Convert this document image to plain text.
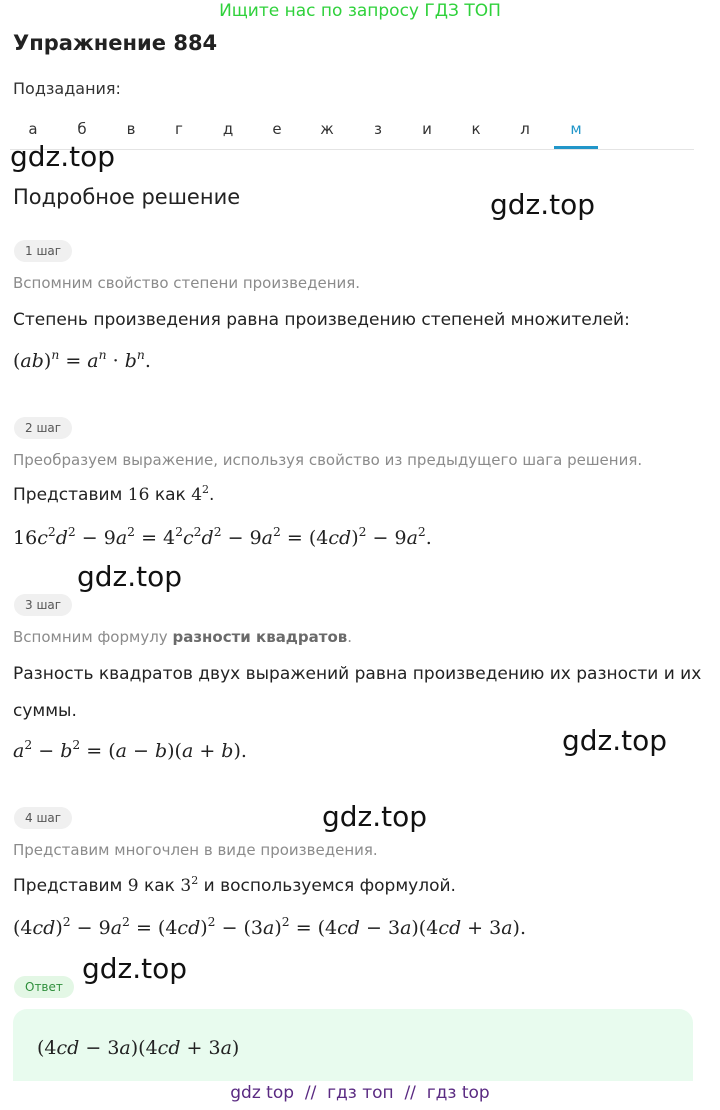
Ищите нас по запросу ГДЗ ТОП
Упражнение 884
Подзадания:
а	б	в	г	д	е	ж	з	и	к	л	м
gdz.top
gdz.top
gdz.top
gdz.top
gdz.top
gdz.top
Подробное решение
1 шаг
Вспомним свойство степени произведения.
Степень произведения равна произведению степеней множителей:
$(ab)^n = a^n \cdot b^n$.
2 шаг
Преобразуем выражение, используя свойство из предыдущего шага решения.
Представим 16 как $4^2$.
$16c^2d^2 - 9a^2 = 4^2c^2d^2 - 9a^2 = (4cd)^2 - 9a^2$.
3 шаг
Вспомним формулу разности квадратов.
Разность квадратов двух выражений равна произведению их разности и их
суммы.
$a^2 - b^2 = (a - b)(a + b)$.
4 шаг
Представим многочлен в виде произведения.
Представим 9 как $3^2$ и воспользуемся формулой.
$(4cd)^2 - 9a^2 = (4cd)^2 - (3a)^2 = (4cd - 3a)(4cd + 3a)$.
Ответ
(4cd − 3a)(4cd + 3a)
gdz top  //  гдз топ  //  гдз top
